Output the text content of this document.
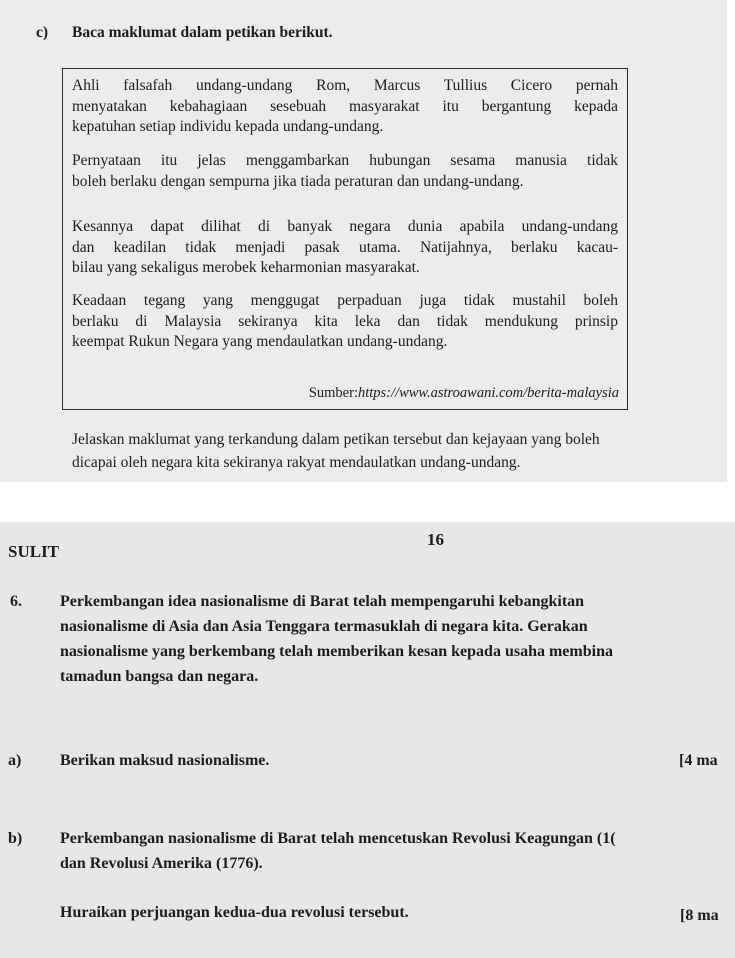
c) Baca maklumat dalam petikan berikut.
Ahli falsafah undang-undang Rom, Marcus Tullius Cicero pernah
menyatakan kebahagiaan sesebuah masyarakat itu bergantung kepada
kepatuhan setiap individu kepada undang-undang.
Pernyataan itu jelas menggambarkan hubungan sesama manusia tidak
boleh berlaku dengan sempurna jika tiada peraturan dan undang-undang.
Kesannya dapat dilihat di banyak negara dunia apabila undang-undang
dan keadilan tidak menjadi pasak utama. Natijahnya, berlaku kacau-
bilau yang sekaligus merobek keharmonian masyarakat.
Keadaan tegang yang menggugat perpaduan juga tidak mustahil boleh
berlaku di Malaysia sekiranya kita leka dan tidak mendukung prinsip
keempat Rukun Negara yang mendaulatkan undang-undang.
Sumber:https://www.astroawani.com/berita-malaysia
Jelaskan maklumat yang terkandung dalam petikan tersebut dan kejayaan yang boleh
dicapai oleh negara kita sekiranya rakyat mendaulatkan undang-undang.
SULIT
16
6. Perkembangan idea nasionalisme di Barat telah mempengaruhi kebangkitan
nasionalisme di Asia dan Asia Tenggara termasuklah di negara kita. Gerakan
nasionalisme yang berkembang telah memberikan kesan kepada usaha membina
tamadun bangsa dan negara.
a) Berikan maksud nasionalisme.	[4 ma
b) Perkembangan nasionalisme di Barat telah mencetuskan Revolusi Keagungan (1(
dan Revolusi Amerika (1776).
Huraikan perjuangan kedua-dua revolusi tersebut.	[8 ma
